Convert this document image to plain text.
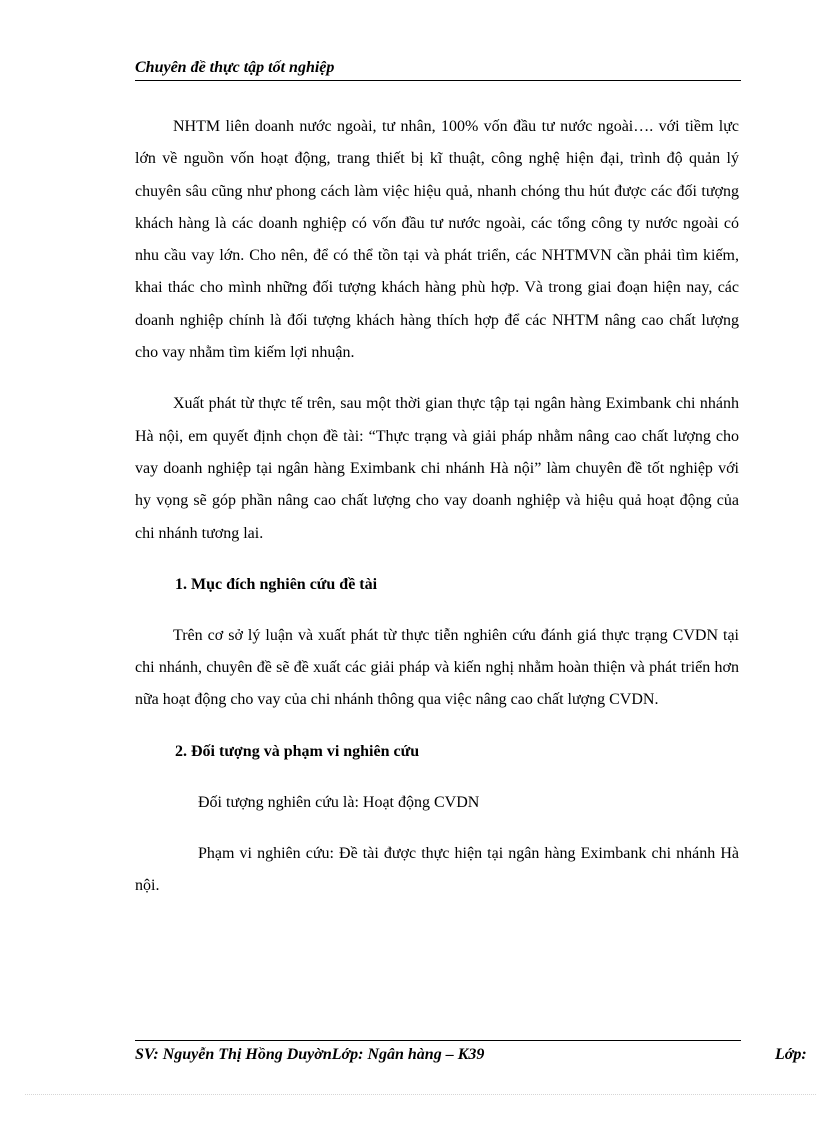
Chuyên đề thực tập tốt nghiệp

NHTM liên doanh nước ngoài, tư nhân, 100% vốn đầu tư nước ngoài…. với tiềm lực lớn về nguồn vốn hoạt động, trang thiết bị kĩ thuật, công nghệ hiện đại, trình độ quản lý chuyên sâu cũng như phong cách làm việc hiệu quả, nhanh chóng thu hút được các đối tượng khách hàng là các doanh nghiệp có vốn đầu tư nước ngoài, các tổng công ty nước ngoài có nhu cầu vay lớn. Cho nên, để có thể tồn tại và phát triển, các NHTMVN cần phải tìm kiếm, khai thác cho mình những đối tượng khách hàng phù hợp. Và trong giai đoạn hiện nay, các doanh nghiệp chính là đối tượng khách hàng thích hợp để các NHTM nâng cao chất lượng cho vay nhằm tìm kiếm lợi nhuận.

Xuất phát từ thực tế trên, sau một thời gian thực tập tại ngân hàng Eximbank chi nhánh Hà nội, em quyết định chọn đề tài: “Thực trạng và giải pháp nhằm nâng cao chất lượng cho vay doanh nghiệp tại ngân hàng Eximbank chi nhánh Hà nội” làm chuyên đề tốt nghiệp với hy vọng sẽ góp phần nâng cao chất lượng cho vay doanh nghiệp và hiệu quả hoạt động của chi nhánh tương lai.

1. Mục đích nghiên cứu đề tài

Trên cơ sở lý luận và xuất phát từ thực tiễn nghiên cứu đánh giá thực trạng CVDN tại chi nhánh, chuyên đề sẽ đề xuất các giải pháp và kiến nghị nhằm hoàn thiện và phát triển hơn nữa hoạt động cho vay của chi nhánh thông qua việc nâng cao chất lượng CVDN.

2. Đối tượng và phạm vi nghiên cứu

Đối tượng nghiên cứu là: Hoạt động CVDN

Phạm vi nghiên cứu: Đề tài được thực hiện tại ngân hàng Eximbank chi nhánh Hà nội.

SV: Nguyễn Thị Hồng DuyờnLớp: Ngân hàng – K39	Lớp:
